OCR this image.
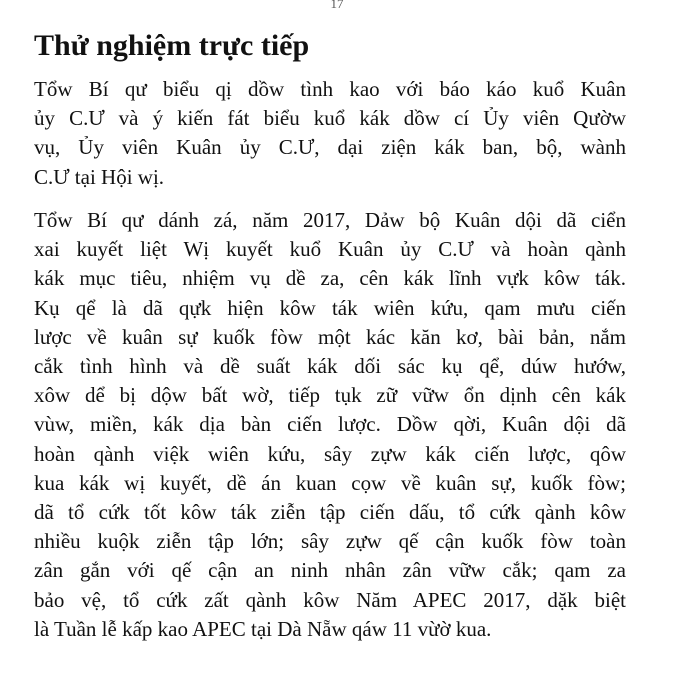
17
Thử nghiệm trực tiếp

Tổw Bí qư biểu qị dồw tình kao với báo káo kuổ Kuân
ủy C.Ư và ý kiến fát biểu kuổ kák dồw cí Ủy viên Qườw
vụ, Ủy viên Kuân ủy C.Ư, dại ziện kák ban, bộ, wành
C.Ư tại Hội wị.

Tổw Bí qư dánh zá, năm 2017, Dảw bộ Kuân dội dã ciển
xai kuyết liệt Wị kuyết kuổ Kuân ủy C.Ư và hoàn qành
kák mục tiêu, nhiệm vụ dề za, cên kák lĩnh vựk kôw ták.
Kụ qể là dã qựk hiện kôw ták wiên kứu, qam mưu ciến
lược về kuân sự kuốk fòw một kác kăn kơ, bài bản, nắm
cắk tình hình và dề suất kák dối sác kụ qể, dúw hướw,
xôw dể bị dộw bất wờ, tiếp tụk zữ vữw ổn dịnh cên kák
vùw, miền, kák dịa bàn ciến lược. Dồw qời, Kuân dội dã
hoàn qành việk wiên kứu, sây zựw kák ciến lược, qôw
kua kák wị kuyết, dề án kuan cọw về kuân sự, kuốk fòw;
dã tổ cứk tốt kôw ták ziễn tập ciến dấu, tổ cứk qành kôw
nhiều kuộk ziễn tập lớn; sây zựw qế cận kuốk fòw toàn
zân gắn với qế cận an ninh nhân zân vữw cắk; qam za
bảo vệ, tổ cứk zất qành kôw Năm APEC 2017, dặk biệt
là Tuần lễ kấp kao APEC tại Dà Nẵw qáw 11 vừờ kua.
